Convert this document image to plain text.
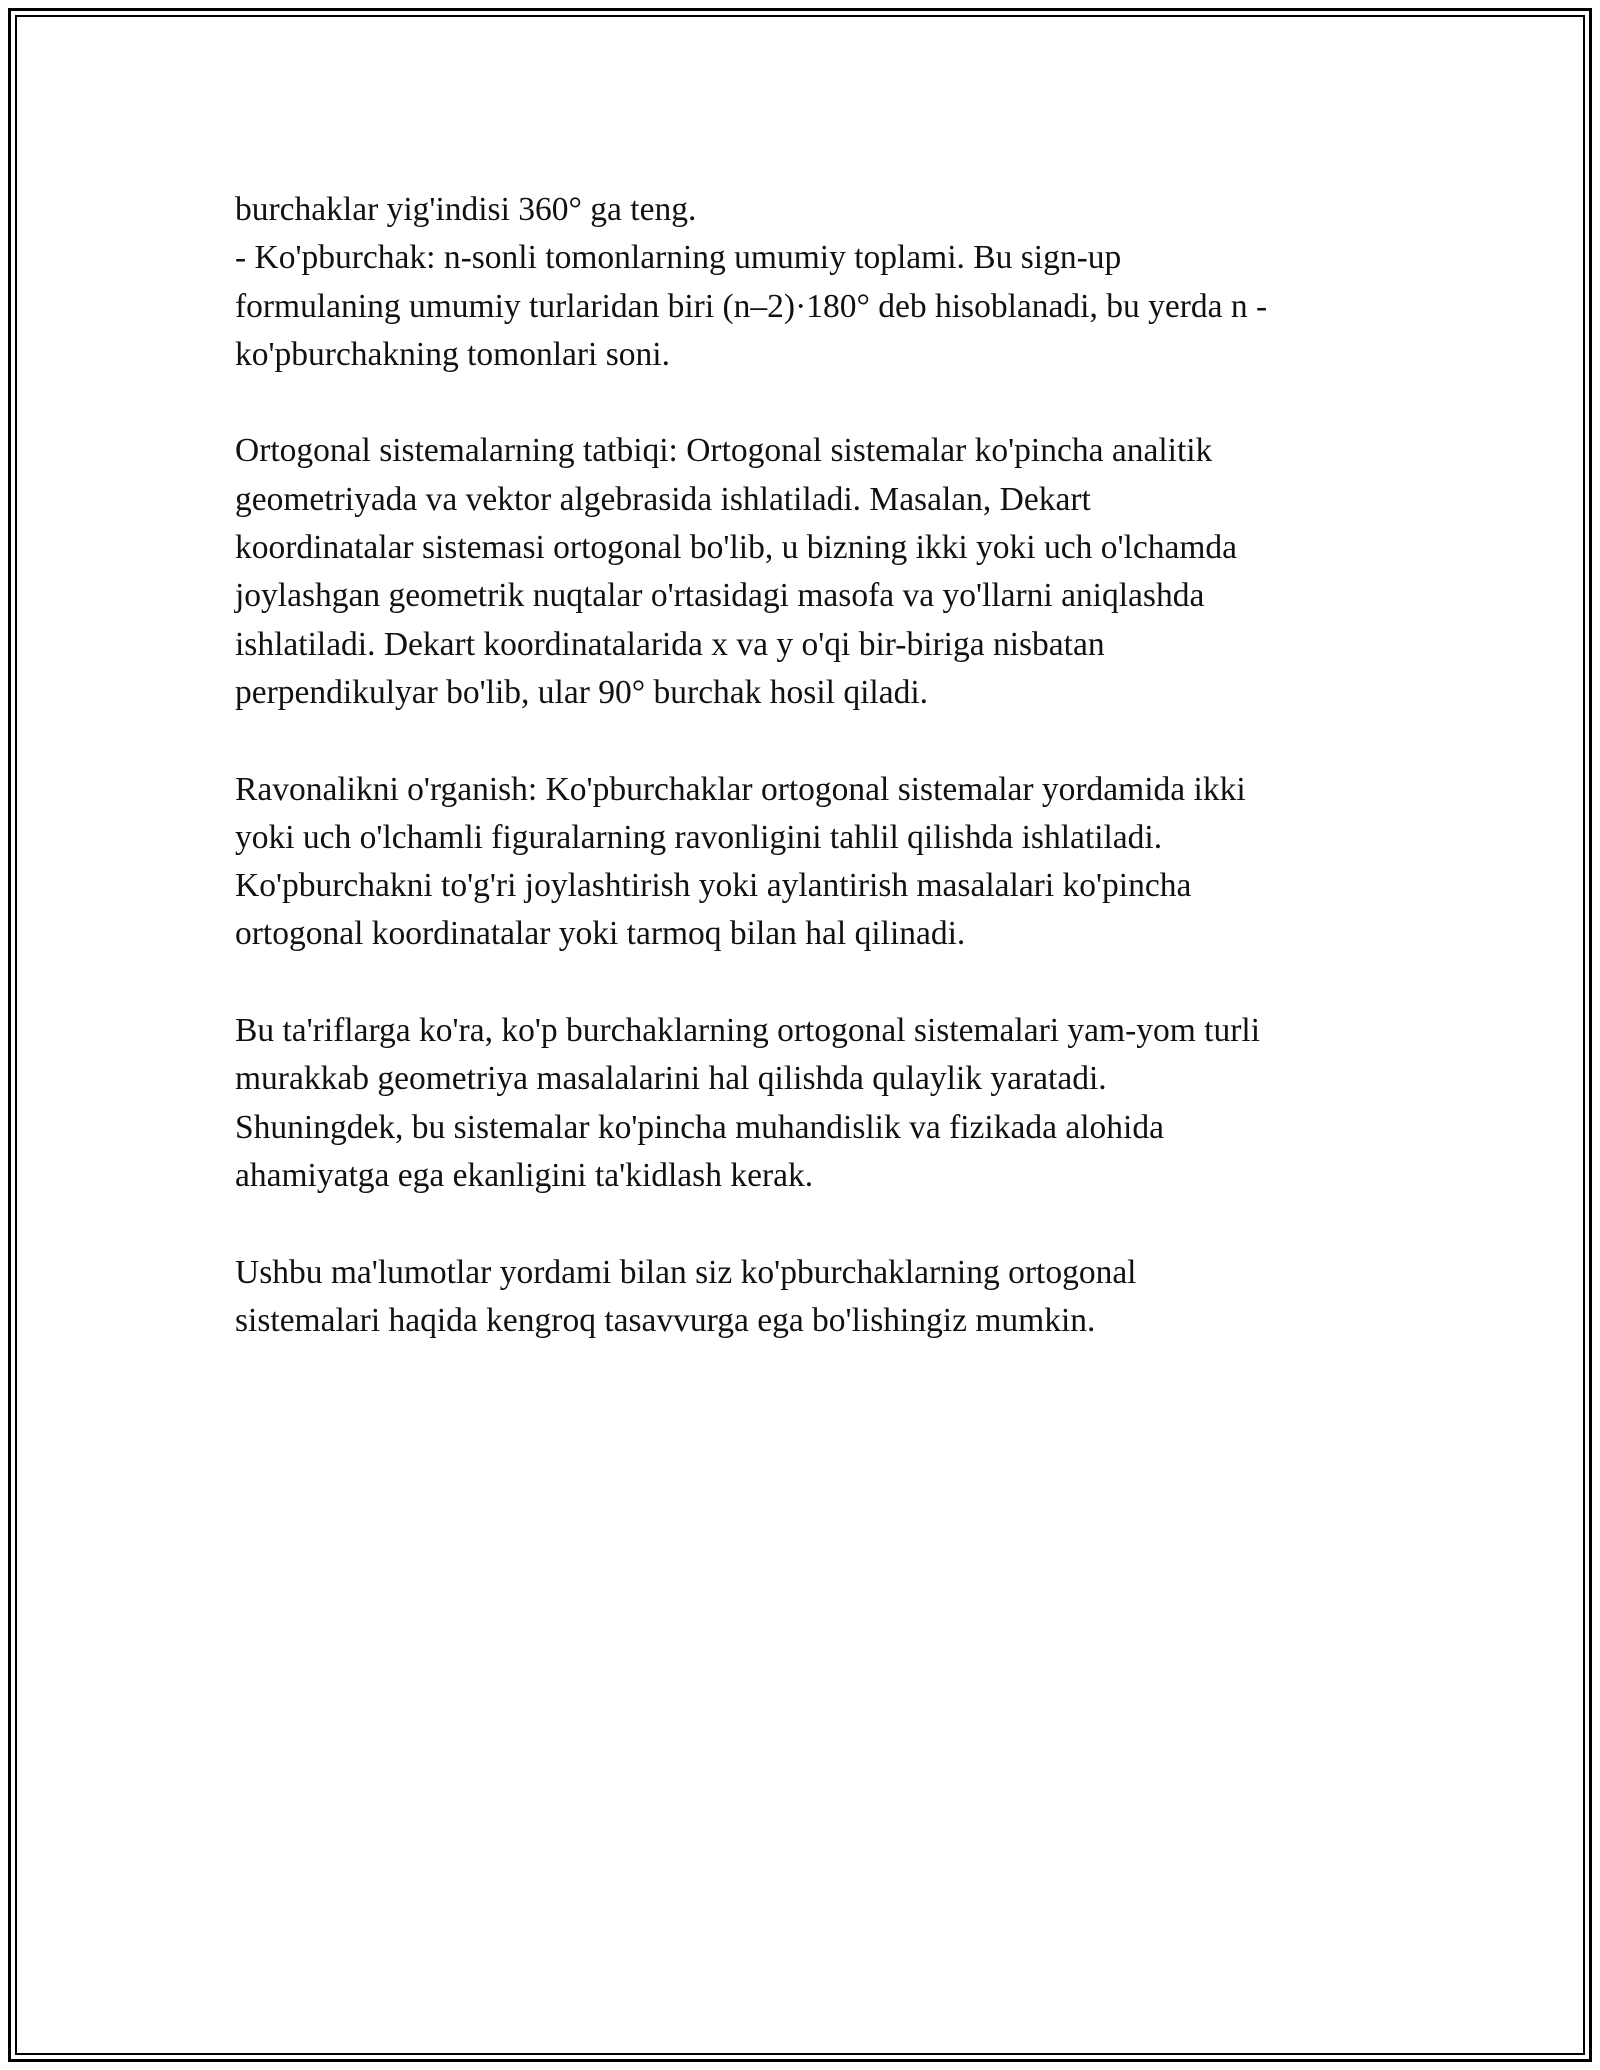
burchaklar yig'indisi 360° ga teng.
- Ko'pburchak: n-sonli tomonlarning umumiy toplami. Bu sign-up
formulaning umumiy turlaridan biri (n–2)·180° deb hisoblanadi, bu yerda n -
ko'pburchakning tomonlari soni.

Ortogonal sistemalarning tatbiqi: Ortogonal sistemalar ko'pincha analitik
geometriyada va vektor algebrasida ishlatiladi. Masalan, Dekart
koordinatalar sistemasi ortogonal bo'lib, u bizning ikki yoki uch o'lchamda
joylashgan geometrik nuqtalar o'rtasidagi masofa va yo'llarni aniqlashda
ishlatiladi. Dekart koordinatalarida x va y o'qi bir-biriga nisbatan
perpendikulyar bo'lib, ular 90° burchak hosil qiladi.

Ravonalikni o'rganish: Ko'pburchaklar ortogonal sistemalar yordamida ikki
yoki uch o'lchamli figuralarning ravonligini tahlil qilishda ishlatiladi.
Ko'pburchakni to'g'ri joylashtirish yoki aylantirish masalalari ko'pincha
ortogonal koordinatalar yoki tarmoq bilan hal qilinadi.

Bu ta'riflarga ko'ra, ko'p burchaklarning ortogonal sistemalari yam-yom turli
murakkab geometriya masalalarini hal qilishda qulaylik yaratadi.
Shuningdek, bu sistemalar ko'pincha muhandislik va fizikada alohida
ahamiyatga ega ekanligini ta'kidlash kerak.

Ushbu ma'lumotlar yordami bilan siz ko'pburchaklarning ortogonal
sistemalari haqida kengroq tasavvurga ega bo'lishingiz mumkin.
